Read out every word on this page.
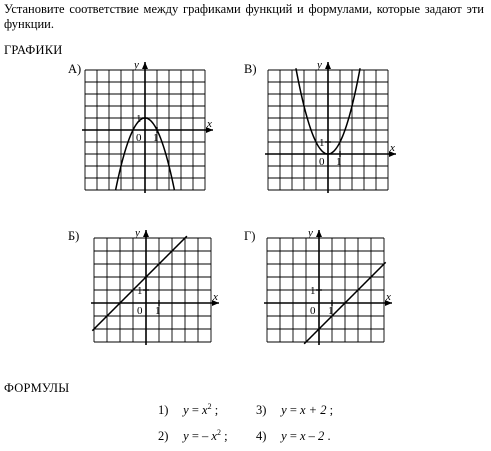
Установите соответствие между графиками функций и формулами, которые задают эти функции.
ГРАФИКИ
А)
x
y
0 1
1
В)
x
y
0 1
1
Б)
x
y
0 1
1
Г)
x
y
0 1
1
ФОРМУЛЫ
1) $y = x^2$ ;
2) y = – $x^2$ ;
3) y = x + 2 ;
4) y = x – 2 .
